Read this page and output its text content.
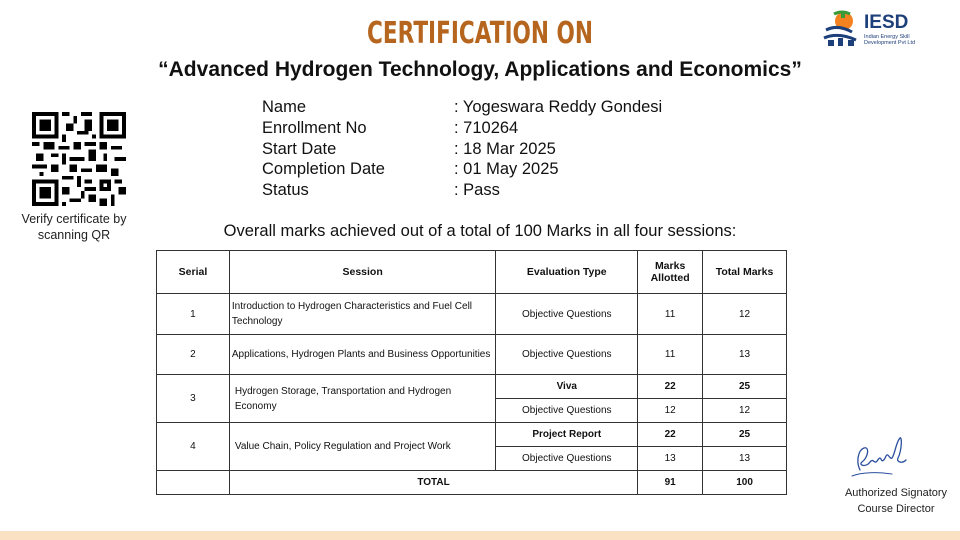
CERTIFICATION ON
“Advanced Hydrogen Technology, Applications and Economics”
IESD
Indian Energy Skill Development Pvt Ltd
Verify certificate by scanning QR
Name	: Yogeswara Reddy Gondesi
Enrollment No	: 710264
Start Date	: 18 Mar 2025
Completion Date	: 01 May 2025
Status	: Pass
Overall marks achieved out of a total of 100 Marks in all four sessions:
Serial	Session	Evaluation Type	Marks Allotted	Total Marks
1	Introduction to Hydrogen Characteristics and Fuel Cell Technology	Objective Questions	11	12
2	Applications, Hydrogen Plants and Business Opportunities	Objective Questions	11	13
3	Hydrogen Storage, Transportation and Hydrogen Economy	Viva	22	25
		Objective Questions	12	12
4	Value Chain, Policy Regulation and Project Work	Project Report	22	25
		Objective Questions	13	13
	TOTAL		91	100
Authorized Signatory
Course Director
